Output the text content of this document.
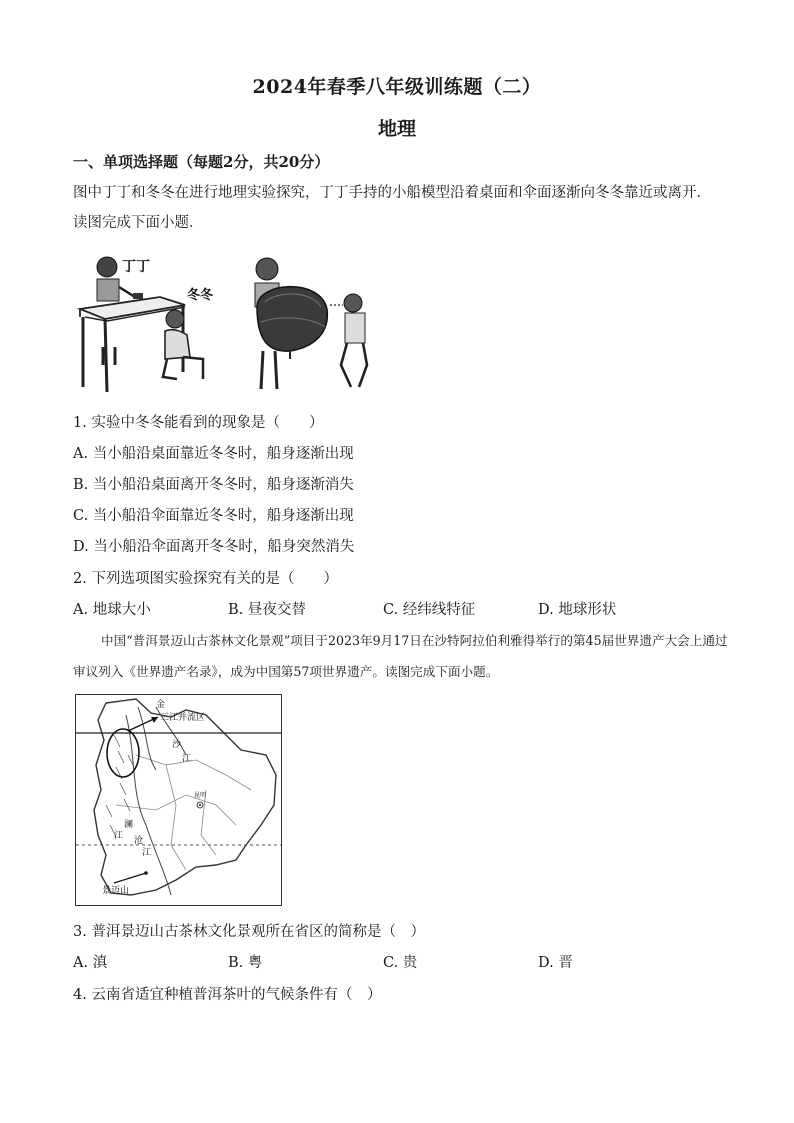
2024年春季八年级训练题（二）
地理
一、单项选择题（每题2分，共20分）
图中丁丁和冬冬在进行地理实验探究，丁丁手持的小船模型沿着桌面和伞面逐渐向冬冬靠近或离开．读图完成下面小题．
丁丁
冬冬
1. 实验中冬冬能看到的现象是（　　）
A. 当小船沿桌面靠近冬冬时，船身逐渐出现
B. 当小船沿桌面离开冬冬时，船身逐渐消失
C. 当小船沿伞面靠近冬冬时，船身逐渐出现
D. 当小船沿伞面离开冬冬时，船身突然消失
2. 下列选项图实验探究有关的是（　　）
A. 地球大小	B. 昼夜交替	C. 经纬线特征	D. 地球形状
中国“普洱景迈山古茶林文化景观”项目于2023年9月17日在沙特阿拉伯利雅得举行的第45届世界遗产大会上通过审议列入《世界遗产名录》，成为中国第57项世界遗产。读图完成下面小题。
三江并流区
金
沙
江
昆明
澜
沧
江
江
景迈山
3. 普洱景迈山古茶林文化景观所在省区的简称是（　）
A. 滇	B. 粤	C. 贵	D. 晋
4. 云南省适宜种植普洱茶叶的气候条件有（　）
